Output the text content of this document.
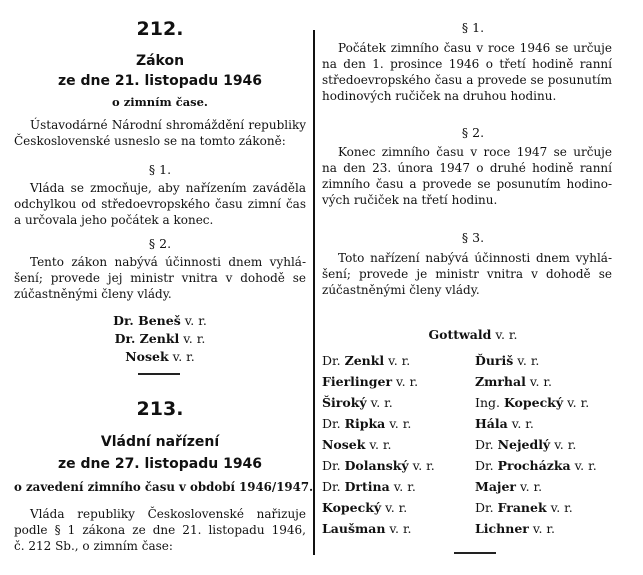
212.
Zákon
ze dne 21. listopadu 1946
o zimním čase.
Ústavodárné Národní shromáždění republiky
Československé usneslo se na tomto zákoně:
§ 1.
Vláda se zmocňuje, aby nařízením zaváděla
odchylkou od středoevropského času zimní čas
a určovala jeho počátek a konec.
§ 2.
Tento zákon nabývá účinnosti dnem vyhlá-
šení; provede jej ministr vnitra v dohodě se
zúčastněnými členy vlády.
Dr. Beneš v. r.
Dr. Zenkl v. r.
Nosek v. r.
213.
Vládní nařízení
ze dne 27. listopadu 1946
o zavedení zimního času v období 1946/1947.
Vláda republiky Československé nařizuje
podle § 1 zákona ze dne 21. listopadu 1946,
č. 212 Sb., o zimním čase:
§ 1.
Počátek zimního času v roce 1946 se určuje
na den 1. prosince 1946 o třetí hodině ranní
středoevropského času a provede se posunutím
hodinových ručiček na druhou hodinu.
§ 2.
Konec zimního času v roce 1947 se určuje
na den 23. února 1947 o druhé hodině ranní
zimního času a provede se posunutím hodino-
vých ručiček na třetí hodinu.
§ 3.
Toto nařízení nabývá účinnosti dnem vyhlá-
šení; provede je ministr vnitra v dohodě se
zúčastněnými členy vlády.
Gottwald v. r.
Dr. Zenkl v. r.
Fierlinger v. r.
Široký v. r.
Dr. Ripka v. r.
Nosek v. r.
Dr. Dolanský v. r.
Dr. Drtina v. r.
Kopecký v. r.
Laušman v. r.
Ďuriš v. r.
Zmrhal v. r.
Ing. Kopecký v. r.
Hála v. r.
Dr. Nejedlý v. r.
Dr. Procházka v. r.
Majer v. r.
Dr. Franek v. r.
Lichner v. r.
